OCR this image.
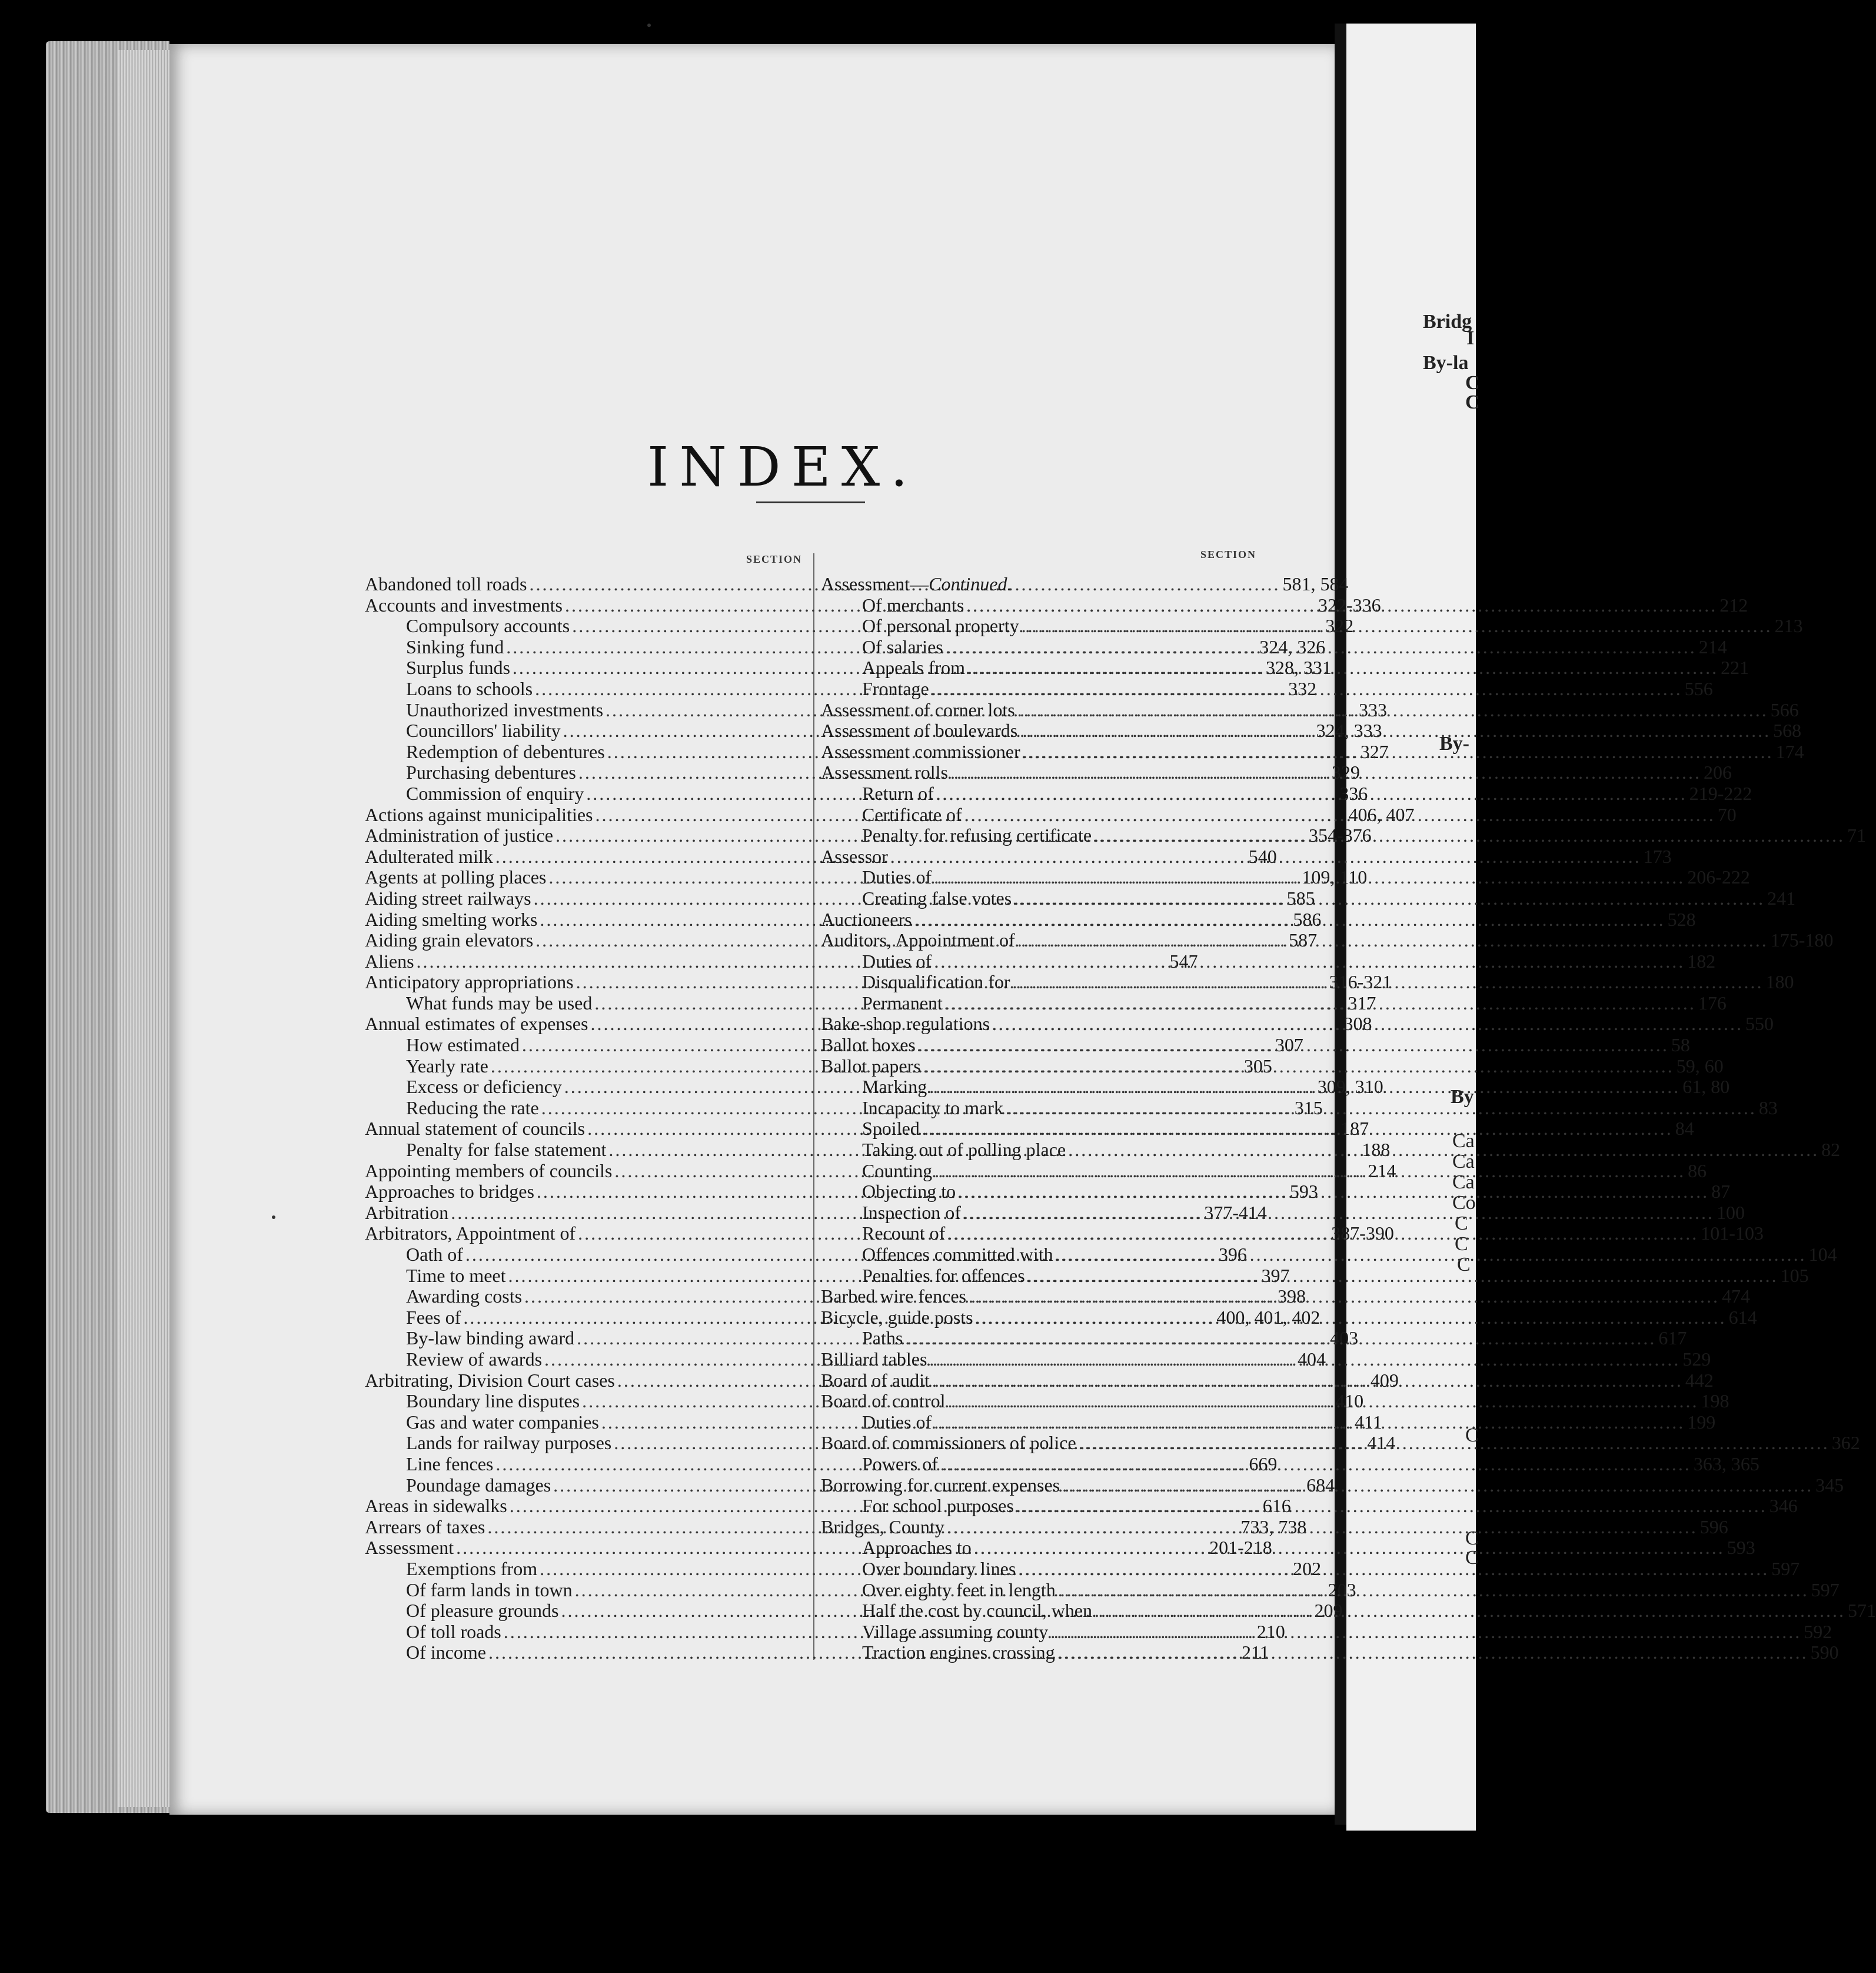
Bridg
I
By-la
C
C
By-
By
Ca
Ca
Ca
Co
C
C
C
C
C
C
INDEX.
SECTION	SECTION
Abandoned toll roads .....	581, 584
Accounts and investments .....	322-336
Compulsory accounts .....	322
Sinking fund .....	324, 326
Surplus funds .....	328, 331
Loans to schools .....	332
Unauthorized investments .....	333
Councillors' liability .....	324, 333
Redemption of debentures .....	327
Purchasing debentures .....	329
Commission of enquiry .....	336
Actions against municipalities .....	406, 407
Administration of justice .....	354-376
Adulterated milk .....	540
Agents at polling places .....	109, 110
Aiding street railways .....	585
Aiding smelting works .....	586
Aiding grain elevators .....	587
Aliens .....	547
Anticipatory appropriations .....	316-321
What funds may be used .....	317
Annual estimates of expenses .....	308
How estimated .....	307
Yearly rate .....	305
Excess or deficiency .....	309, 310
Reducing the rate .....	315
Annual statement of councils .....	187
Penalty for false statement .....	188
Appointing members of councils .....	214
Approaches to bridges .....	593
Arbitration .....	377-414
Arbitrators, Appointment of .....	387-390
Oath of .....	396
Time to meet .....	397
Awarding costs .....	398
Fees of .....	400, 401, 402
By-law binding award .....	403
Review of awards .....	404
Arbitrating, Division Court cases .....	409
Boundary line disputes .....	410
Gas and water companies .....	411
Lands for railway purposes .....	414
Line fences .....	669
Poundage damages .....	684
Areas in sidewalks .....	616
Arrears of taxes .....	733, 738
Assessment .....	201-218
Exemptions from .....	202
Of farm lands in town .....	203
Of pleasure grounds .....	209
Of toll roads .....	210
Of income .....	211
Assessment—Continued.
Of merchants .....	212
Of personal property .....	213
Of salaries .....	214
Appeals from .....	221
Frontage .....	556
Assessment of corner lots .....	566
Assessment of boulevards .....	568
Assessment commissioner .....	174
Assessment rolls .....	206
Return of .....	219-222
Certificate of .....	70
Penalty for refusing certificate .....	71
Assessor .....	173
Duties of .....	206-222
Creating false votes .....	241
Auctioneers .....	528
Auditors, Appointment of .....	175-180
Duties of .....	182
Disqualification for .....	180
Permanent .....	176
Bake-shop regulations .....	550
Ballot boxes .....	58
Ballot papers .....	59, 60
Marking .....	61, 80
Incapacity to mark .....	83
Spoiled .....	84
Taking out of polling place .....	82
Counting .....	86
Objecting to .....	87
Inspection of .....	100
Recount of .....	101-103
Offences committed with .....	104
Penalties for offences .....	105
Barbed wire fences .....	474
Bicycle, guide posts .....	614
Paths .....	617
Billiard tables .....	529
Board of audit .....	442
Board of control .....	198
Duties of .....	199
Board of commissioners of police .....	362
Powers of .....	363, 365
Borrowing for current expenses .....	345
For school purposes .....	346
Bridges, County .....	596
Approaches to .....	593
Over boundary lines .....	597
Over eighty feet in length .....	597
Half the cost by council, when .....	571
Village assuming county .....	592
Traction engines crossing .....	590
